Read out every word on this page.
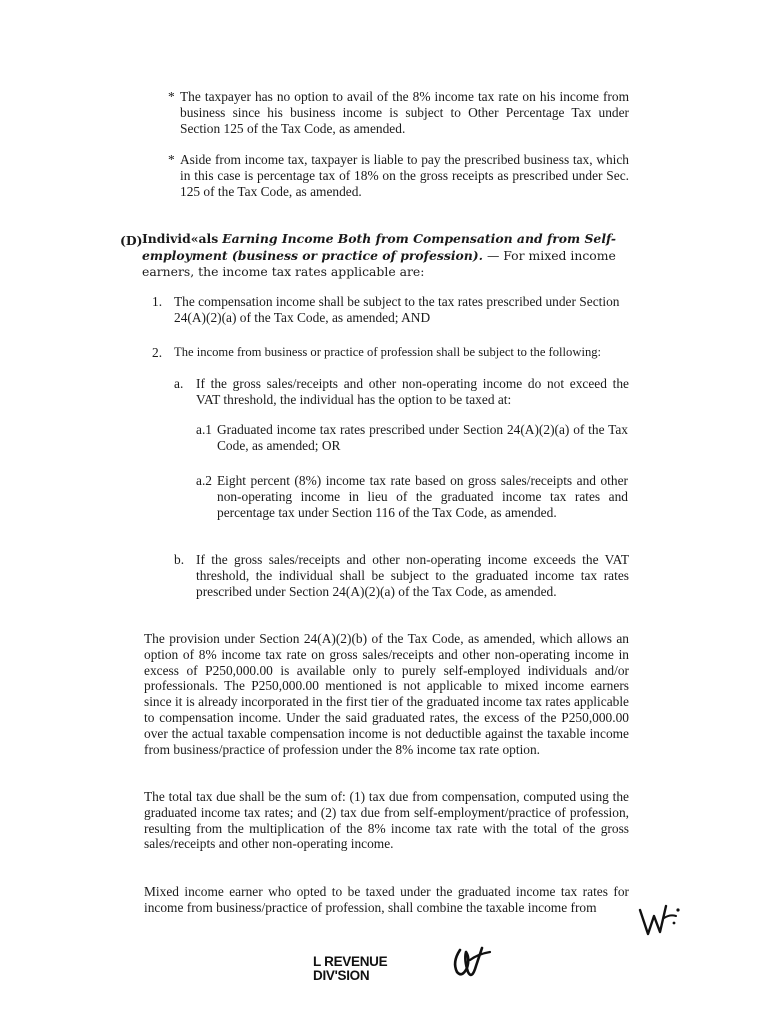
* The taxpayer has no option to avail of the 8% income tax rate on his income from business since his business income is subject to Other Percentage Tax under Section 125 of the Tax Code, as amended.
* Aside from income tax, taxpayer is liable to pay the prescribed business tax, which in this case is percentage tax of 18% on the gross receipts as prescribed under Sec. 125 of the Tax Code, as amended.
(D) Individ«als Earning Income Both from Compensation and from Self-employment (business or practice of profession). — For mixed income earners, the income tax rates applicable are:
1. The compensation income shall be subject to the tax rates prescribed under Section 24(A)(2)(a) of the Tax Code, as amended; AND
2. The income from business or practice of profession shall be subject to the following:
a. If the gross sales/receipts and other non-operating income do not exceed the VAT threshold, the individual has the option to be taxed at:
a.1 Graduated income tax rates prescribed under Section 24(A)(2)(a) of the Tax Code, as amended; OR
a.2 Eight percent (8%) income tax rate based on gross sales/receipts and other non-operating income in lieu of the graduated income tax rates and percentage tax under Section 116 of the Tax Code, as amended.
b. If the gross sales/receipts and other non-operating income exceeds the VAT threshold, the individual shall be subject to the graduated income tax rates prescribed under Section 24(A)(2)(a) of the Tax Code, as amended.
The provision under Section 24(A)(2)(b) of the Tax Code, as amended, which allows an option of 8% income tax rate on gross sales/receipts and other non-operating income in excess of P250,000.00 is available only to purely self-employed individuals and/or professionals. The P250,000.00 mentioned is not applicable to mixed income earners since it is already incorporated in the first tier of the graduated income tax rates applicable to compensation income. Under the said graduated rates, the excess of the P250,000.00 over the actual taxable compensation income is not deductible against the taxable income from business/practice of profession under the 8% income tax rate option.
The total tax due shall be the sum of: (1) tax due from compensation, computed using the graduated income tax rates; and (2) tax due from self-employment/practice of profession, resulting from the multiplication of the 8% income tax rate with the total of the gross sales/receipts and other non-operating income.
Mixed income earner who opted to be taxed under the graduated income tax rates for income from business/practice of profession, shall combine the taxable income from
L REVENUE
DIV'SION
